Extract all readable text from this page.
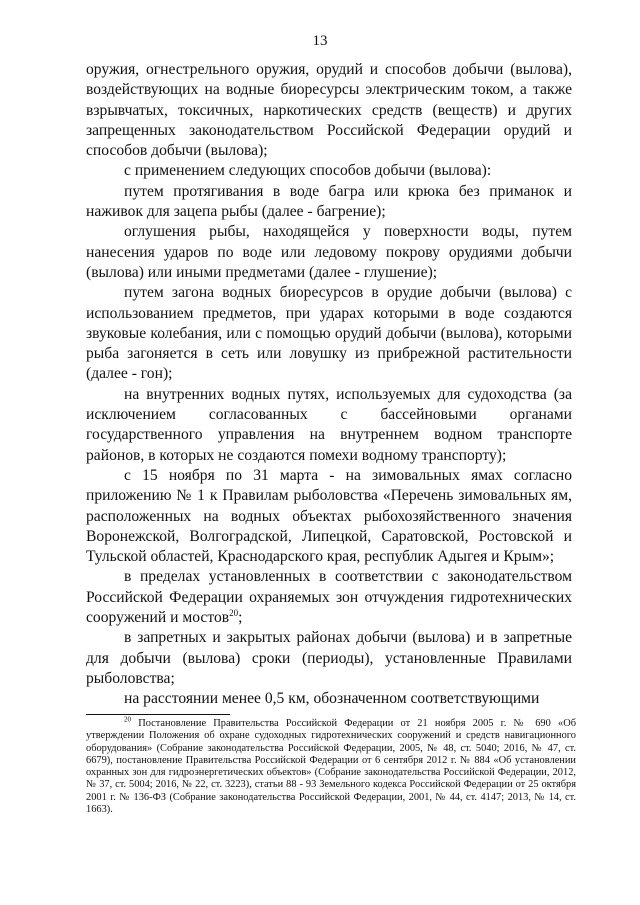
13

оружия, огнестрельного оружия, орудий и способов добычи (вылова), воздействующих на водные биоресурсы электрическим током, а также взрывчатых, токсичных, наркотических средств (веществ) и других запрещенных законодательством Российской Федерации орудий и способов добычи (вылова);

с применением следующих способов добычи (вылова):

путем протягивания в воде багра или крюка без приманок и наживок для зацепа рыбы (далее - багрение);

оглушения рыбы, находящейся у поверхности воды, путем нанесения ударов по воде или ледовому покрову орудиями добычи (вылова) или иными предметами (далее - глушение);

путем загона водных биоресурсов в орудие добычи (вылова) с использованием предметов, при ударах которыми в воде создаются звуковые колебания, или с помощью орудий добычи (вылова), которыми рыба загоняется в сеть или ловушку из прибрежной растительности (далее - гон);

на внутренних водных путях, используемых для судоходства (за исключением согласованных с бассейновыми органами государственного управления на внутреннем водном транспорте районов, в которых не создаются помехи водному транспорту);

с 15 ноября по 31 марта - на зимовальных ямах согласно приложению № 1 к Правилам рыболовства «Перечень зимовальных ям, расположенных на водных объектах рыбохозяйственного значения Воронежской, Волгоградской, Липецкой, Саратовской, Ростовской и Тульской областей, Краснодарского края, республик Адыгея и Крым»;

в пределах установленных в соответствии с законодательством Российской Федерации охраняемых зон отчуждения гидротехнических сооружений и мостов$^{20}$;

в запретных и закрытых районах добычи (вылова) и в запретные для добычи (вылова) сроки (периоды), установленные Правилами рыболовства;

на расстоянии менее 0,5 км, обозначенном соответствующими

$^{20}$ Постановление Правительства Российской Федерации от 21 ноября 2005 г. № 690 «Об утверждении Положения об охране судоходных гидротехнических сооружений и средств навигационного оборудования» (Собрание законодательства Российской Федерации, 2005, № 48, ст. 5040; 2016, № 47, ст. 6679), постановление Правительства Российской Федерации от 6 сентября 2012 г. № 884 «Об установлении охранных зон для гидроэнергетических объектов» (Собрание законодательства Российской Федерации, 2012, № 37, ст. 5004; 2016, № 22, ст. 3223), статьи 88 - 93 Земельного кодекса Российской Федерации от 25 октября 2001 г. № 136-ФЗ (Собрание законодательства Российской Федерации, 2001, № 44, ст. 4147; 2013, № 14, ст. 1663).
